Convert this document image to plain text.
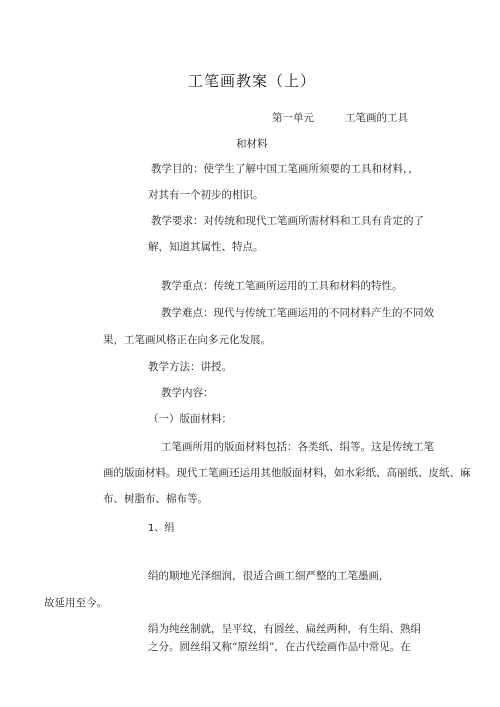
工笔画教案（上）
第一单元	工笔画的工具
和材料
教学目的：使学生了解中国工笔画所须要的工具和材料，，
对其有一个初步的相识。
教学要求：对传统和现代工笔画所需材料和工具有肯定的了
解，知道其属性、特点。
教学重点：传统工笔画所运用的工具和材料的特性。
教学难点：现代与传统工笔画运用的不同材料产生的不同效
果，工笔画风格正在向多元化发展。
教学方法：讲授。
教学内容：
（一）版面材料：
工笔画所用的版面材料包括：各类纸、绢等。这是传统工笔
画的版面材料。现代工笔画还运用其他版面材料，如水彩纸、高丽纸、皮纸、麻
布、树脂布、棉布等。
1、绢
绢的顺地光泽细润，很适合画工细严整的工笔墨画,
故延用至今。
绢为纯丝制就，呈平纹，有圆丝、扁丝两种，有生绢、熟绢
之分。圆丝绢又称“原丝绢”，在古代绘画作品中常见。在
